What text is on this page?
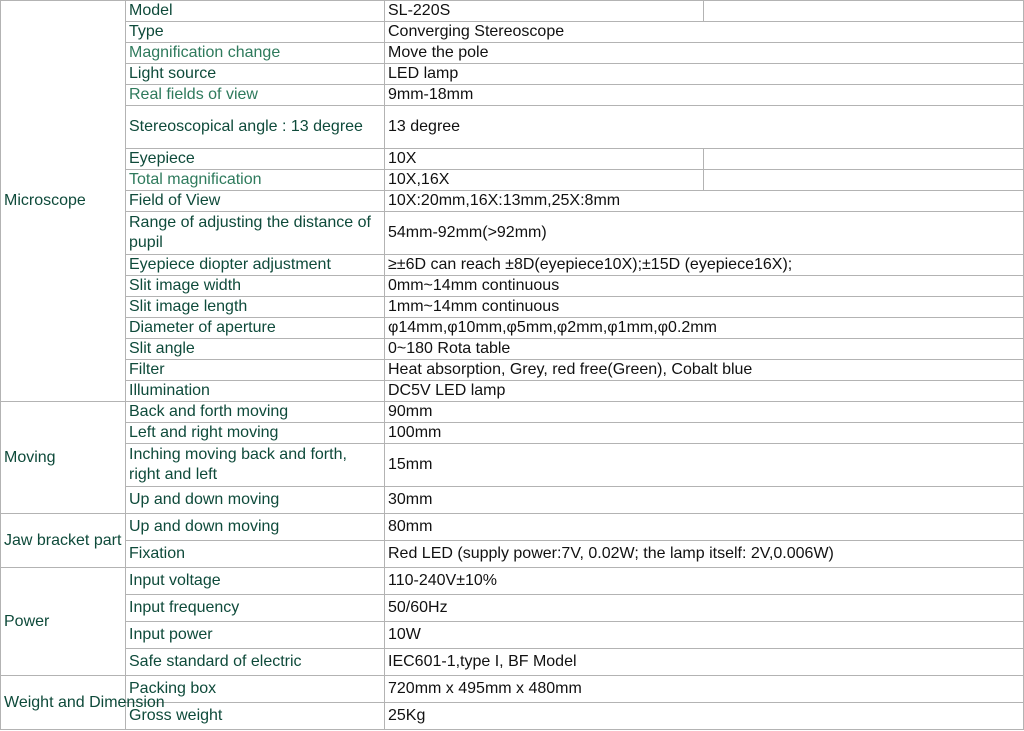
Microscope	Model	SL-220S	
	Type	Converging Stereoscope	
	Magnification change	Move the pole	
	Light source	LED lamp	
	Real fields of view	9mm-18mm	
	Stereoscopical angle : 13 degree	13 degree	
	Eyepiece	10X	
	Total magnification	10X,16X	
	Field of View	10X:20mm,16X:13mm,25X:8mm	
	Range of adjusting the distance of pupil	54mm-92mm(>92mm)	
	Eyepiece diopter adjustment	≥±6D can reach ±8D(eyepiece10X);±15D (eyepiece16X);	
	Slit image width	0mm~14mm continuous	
	Slit image length	1mm~14mm continuous	
	Diameter of aperture	φ14mm,φ10mm,φ5mm,φ2mm,φ1mm,φ0.2mm	
	Slit angle	0~180 Rota table	
	Filter	Heat absorption, Grey, red free(Green), Cobalt blue	
	Illumination	DC5V LED lamp	
Moving	Back and forth moving	90mm	
	Left and right moving	100mm	
	Inching moving back and forth, right and left	15mm	
	Up and down moving	30mm	
Jaw bracket part	Up and down moving	80mm	
	Fixation	Red LED (supply power:7V, 0.02W; the lamp itself: 2V,0.006W)	
Power	Input voltage	110-240V±10%	
	Input frequency	50/60Hz	
	Input power	10W	
	Safe standard of electric	IEC601-1,type I, BF Model	
Weight and Dimension	Packing box	720mm x 495mm x 480mm	
	Gross weight	25Kg	
